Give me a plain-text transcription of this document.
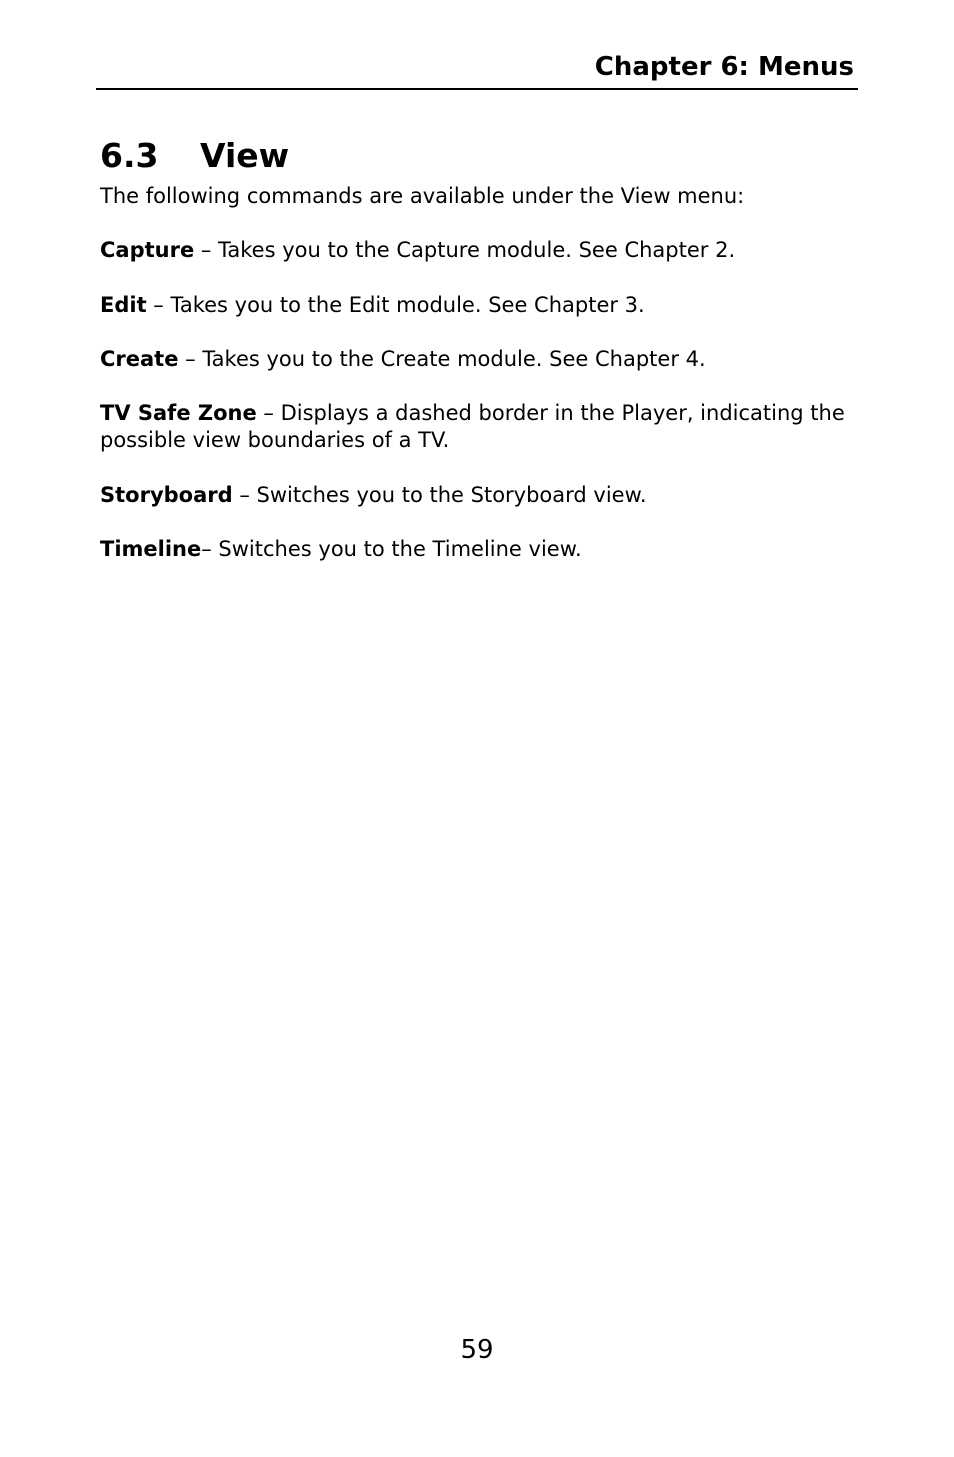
Chapter 6: Menus
6.3 View
The following commands are available under the View menu:
Capture – Takes you to the Capture module. See Chapter 2.
Edit – Takes you to the Edit module. See Chapter 3.
Create – Takes you to the Create module. See Chapter 4.
TV Safe Zone – Displays a dashed border in the Player, indicating the possible view boundaries of a TV.
Storyboard – Switches you to the Storyboard view.
Timeline– Switches you to the Timeline view.
59
